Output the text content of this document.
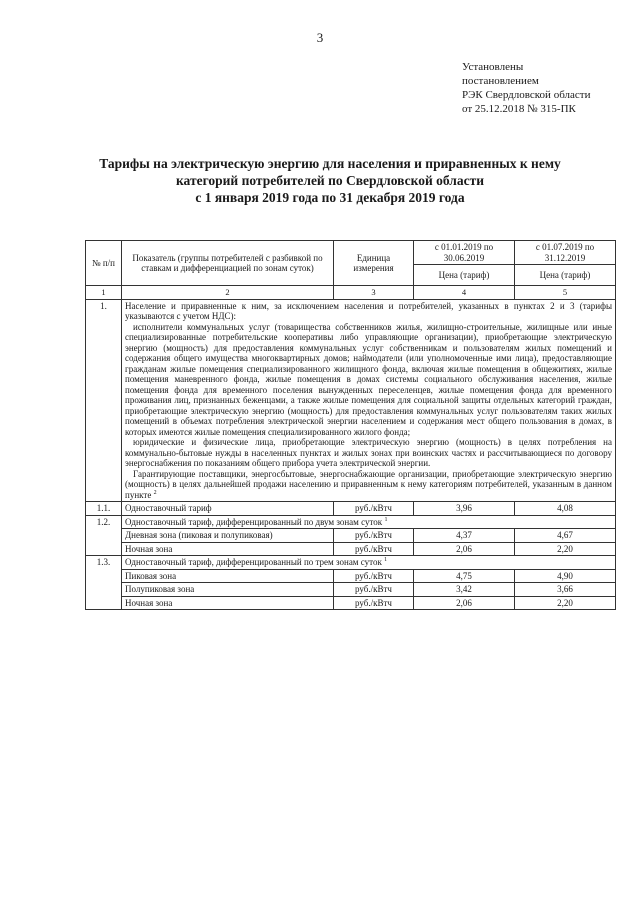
3
Установлены
постановлением
РЭК Свердловской области
от 25.12.2018 № 315-ПК
Тарифы на электрическую энергию для населения и приравненных к нему
категорий потребителей по Свердловской области
с 1 января 2019 года по 31 декабря 2019 года
№ п/п	Показатель (группы потребителей с разбивкой по ставкам и дифференциацией по зонам суток)	Единица измерения	с 01.01.2019 по 30.06.2019	с 01.07.2019 по 31.12.2019
			Цена (тариф)	Цена (тариф)
1	2	3	4	5
1.	Население и приравненные к ним, за исключением населения и потребителей, указанных в пунктах 2 и 3 (тарифы указываются с учетом НДС):

исполнители коммунальных услуг (товарищества собственников жилья, жилищно-строительные, жилищные или иные специализированные потребительские кооперативы либо управляющие организации), приобретающие электрическую энергию (мощность) для предоставления коммунальных услуг собственникам и пользователям жилых помещений и содержания общего имущества многоквартирных домов; наймодатели (или уполномоченные ими лица), предоставляющие гражданам жилые помещения специализированного жилищного фонда, включая жилые помещения в общежитиях, жилые помещения маневренного фонда, жилые помещения в домах системы социального обслуживания населения, жилые помещения фонда для временного поселения вынужденных переселенцев, жилые помещения фонда для временного проживания лиц, признанных беженцами, а также жилые помещения для социальной защиты отдельных категорий граждан, приобретающие электрическую энергию (мощность) для предоставления коммунальных услуг пользователям таких жилых помещений в объемах потребления электрической энергии населением и содержания мест общего пользования в домах, в которых имеются жилые помещения специализированного жилого фонда;

юридические и физические лица, приобретающие электрическую энергию (мощность) в целях потребления на коммунально-бытовые нужды в населенных пунктах и жилых зонах при воинских частях и рассчитывающиеся по договору энергоснабжения по показаниям общего прибора учета электрической энергии.

Гарантирующие поставщики, энергосбытовые, энергоснабжающие организации, приобретающие электрическую энергию (мощность) в целях дальнейшей продажи населению и приравненным к нему категориям потребителей, указанным в данном пункте $^2$

1.1.	Одноставочный тариф	руб./кВтч	3,96	4,08
1.2.	Одноставочный тариф, дифференцированный по двум зонам суток $^1$
	Дневная зона (пиковая и полупиковая)	руб./кВтч	4,37	4,67
	Ночная зона	руб./кВтч	2,06	2,20
1.3.	Одноставочный тариф, дифференцированный по трем зонам суток $^1$
	Пиковая зона	руб./кВтч	4,75	4,90
	Полупиковая зона	руб./кВтч	3,42	3,66
	Ночная зона	руб./кВтч	2,06	2,20
